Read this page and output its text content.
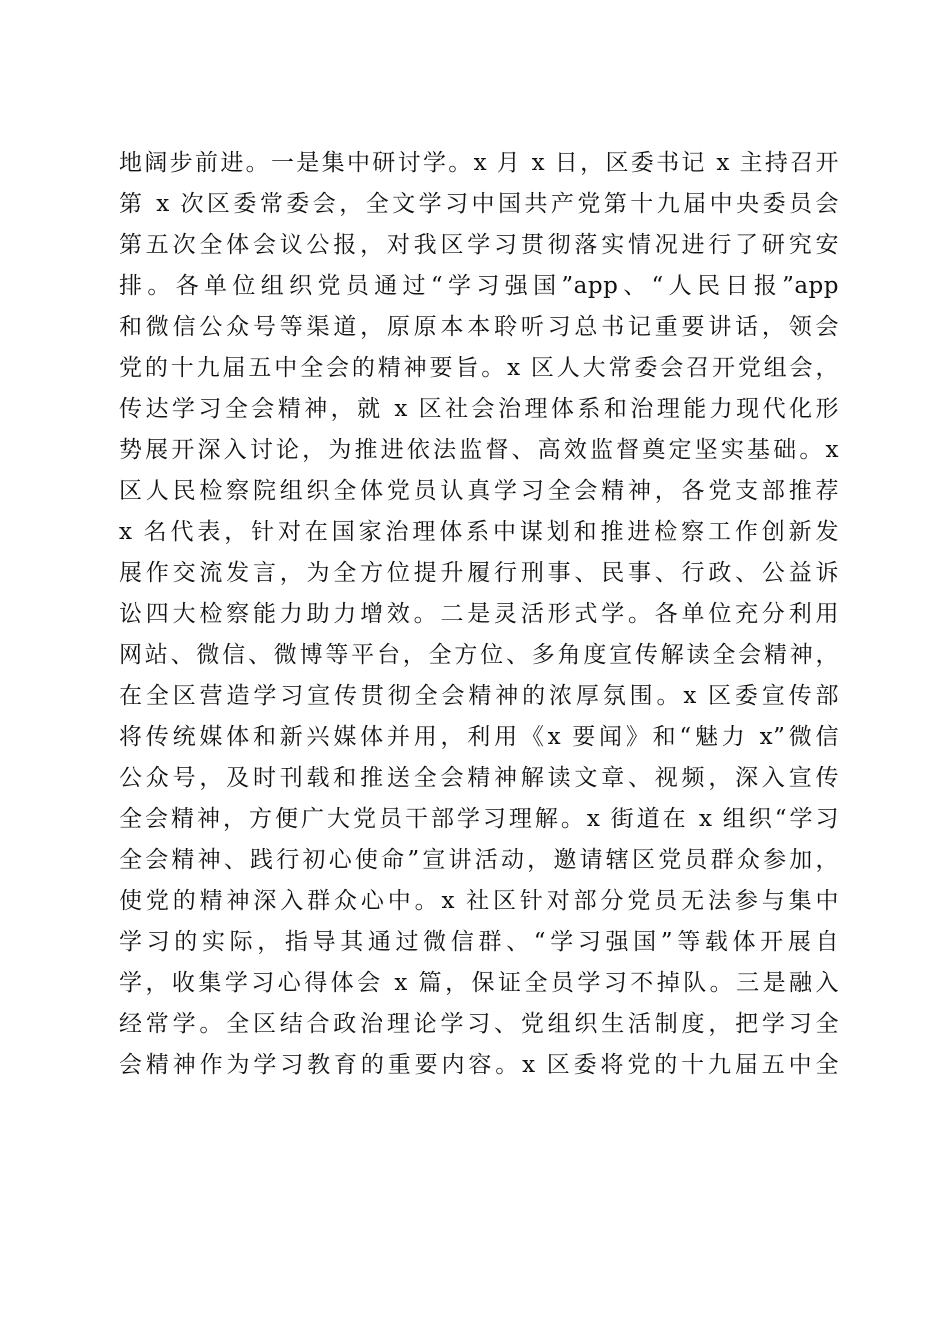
地阔步前进。一是集中研讨学。x 月 x 日，区委书记 x 主持召开
第 x 次区委常委会，全文学习中国共产党第十九届中央委员会
第五次全体会议公报，对我区学习贯彻落实情况进行了研究安
排。各单位组织党员通过“学习强国”app、“人民日报”app
和微信公众号等渠道，原原本本聆听习总书记重要讲话，领会
党的十九届五中全会的精神要旨。x 区人大常委会召开党组会，
传达学习全会精神，就 x 区社会治理体系和治理能力现代化形
势展开深入讨论，为推进依法监督、高效监督奠定坚实基础。x
区人民检察院组织全体党员认真学习全会精神，各党支部推荐
x 名代表，针对在国家治理体系中谋划和推进检察工作创新发
展作交流发言，为全方位提升履行刑事、民事、行政、公益诉
讼四大检察能力助力增效。二是灵活形式学。各单位充分利用
网站、微信、微博等平台，全方位、多角度宣传解读全会精神，
在全区营造学习宣传贯彻全会精神的浓厚氛围。x 区委宣传部
将传统媒体和新兴媒体并用，利用《x 要闻》和“魅力 x”微信
公众号，及时刊载和推送全会精神解读文章、视频，深入宣传
全会精神，方便广大党员干部学习理解。x 街道在 x 组织“学习
全会精神、践行初心使命”宣讲活动，邀请辖区党员群众参加，
使党的精神深入群众心中。x 社区针对部分党员无法参与集中
学习的实际，指导其通过微信群、“学习强国”等载体开展自
学，收集学习心得体会 x 篇，保证全员学习不掉队。三是融入
经常学。全区结合政治理论学习、党组织生活制度，把学习全
会精神作为学习教育的重要内容。x 区委将党的十九届五中全
